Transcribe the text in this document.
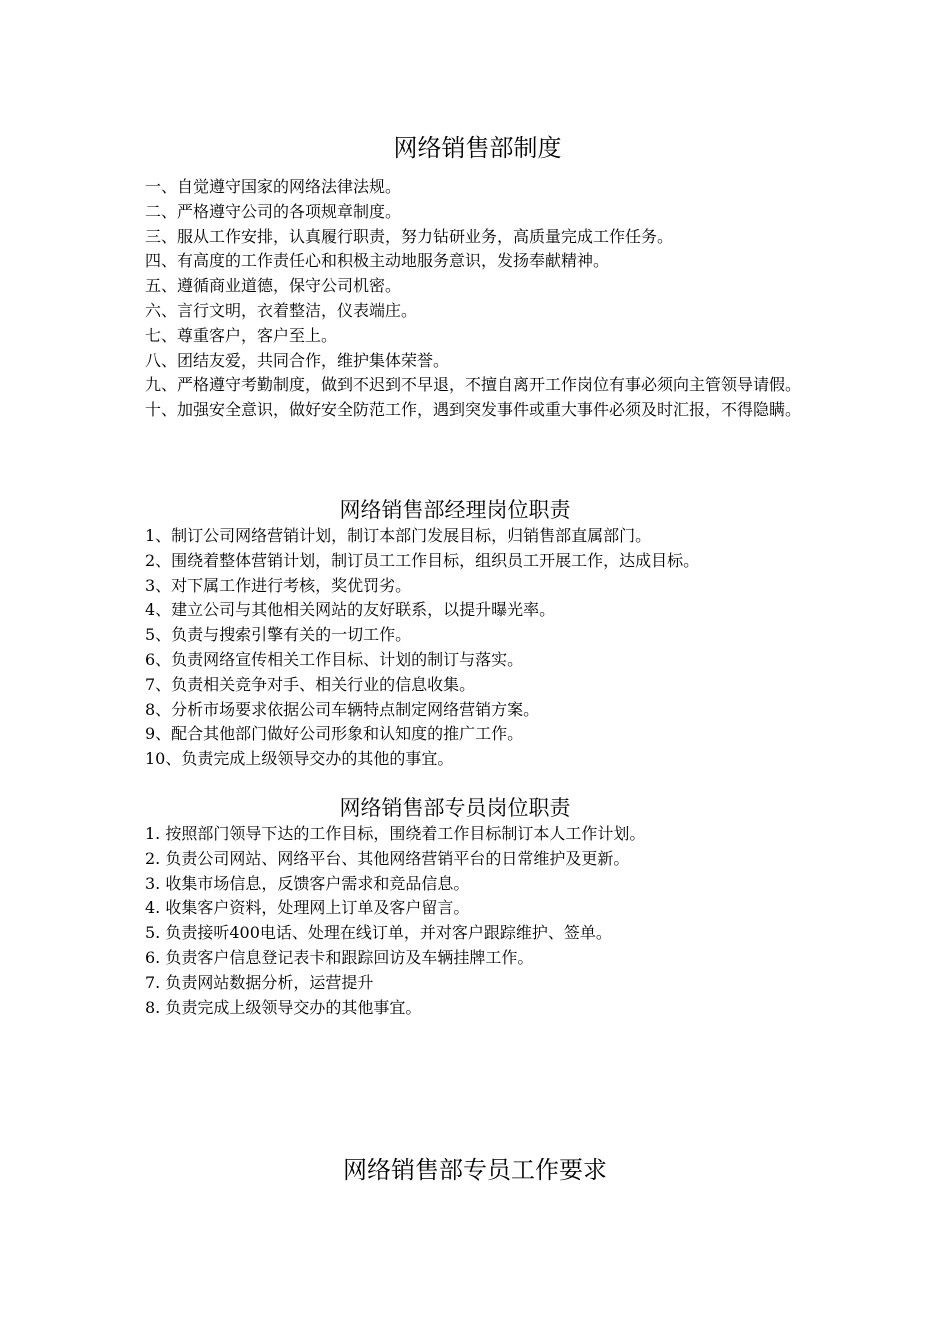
网络销售部制度
一、自觉遵守国家的网络法律法规。
二、严格遵守公司的各项规章制度。
三、服从工作安排，认真履行职责，努力钻研业务，高质量完成工作任务。
四、有高度的工作责任心和积极主动地服务意识，发扬奉献精神。
五、遵循商业道德，保守公司机密。
六、言行文明，衣着整洁，仪表端庄。
七、尊重客户，客户至上。
八、团结友爱，共同合作，维护集体荣誉。
九、严格遵守考勤制度，做到不迟到不早退，不擅自离开工作岗位有事必须向主管领导请假。
十、加强安全意识，做好安全防范工作，遇到突发事件或重大事件必须及时汇报，不得隐瞒。
网络销售部经理岗位职责
1、制订公司网络营销计划，制订本部门发展目标，归销售部直属部门。
2、围绕着整体营销计划，制订员工工作目标，组织员工开展工作，达成目标。
3、对下属工作进行考核，奖优罚劣。
4、建立公司与其他相关网站的友好联系，以提升曝光率。
5、负责与搜索引擎有关的一切工作。
6、负责网络宣传相关工作目标、计划的制订与落实。
7、负责相关竞争对手、相关行业的信息收集。
8、分析市场要求依据公司车辆特点制定网络营销方案。
9、配合其他部门做好公司形象和认知度的推广工作。
10、负责完成上级领导交办的其他的事宜。
网络销售部专员岗位职责
1. 按照部门领导下达的工作目标，围绕着工作目标制订本人工作计划。
2. 负责公司网站、网络平台、其他网络营销平台的日常维护及更新。
3. 收集市场信息，反馈客户需求和竞品信息。
4. 收集客户资料，处理网上订单及客户留言。
5. 负责接听400电话、处理在线订单，并对客户跟踪维护、签单。
6. 负责客户信息登记表卡和跟踪回访及车辆挂牌工作。
7. 负责网站数据分析，运营提升
8. 负责完成上级领导交办的其他事宜。
网络销售部专员工作要求
